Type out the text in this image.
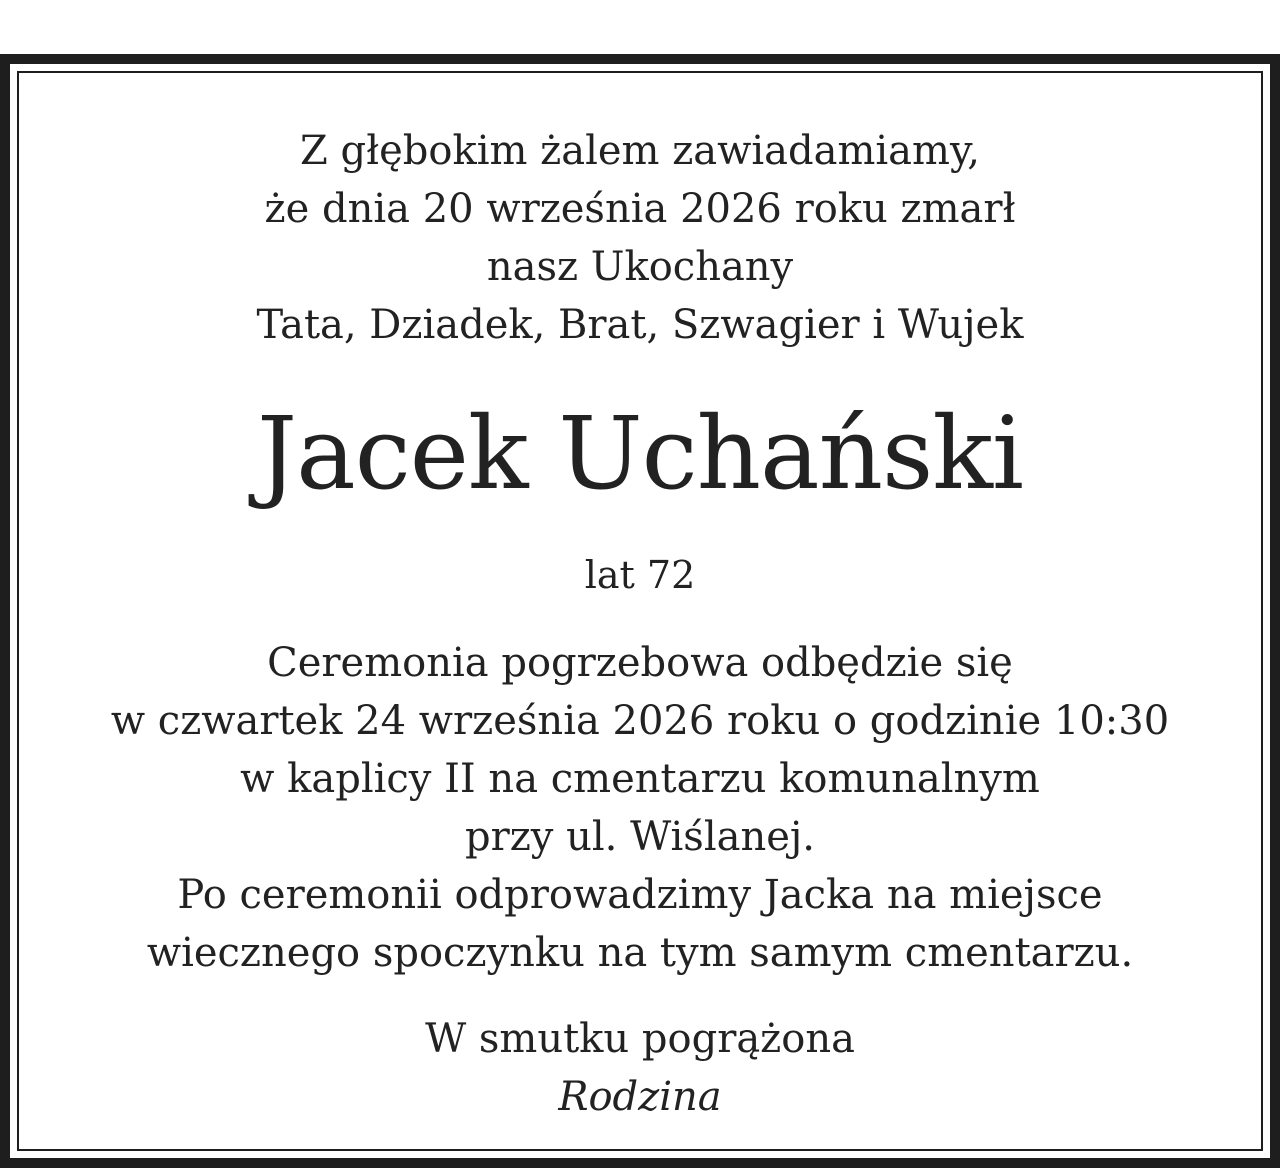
Z głębokim żalem zawiadamiamy,
że dnia 20 września 2026 roku zmarł
nasz Ukochany
Tata, Dziadek, Brat, Szwagier i Wujek
Jacek Uchański
lat 72
Ceremonia pogrzebowa odbędzie się
w czwartek 24 września 2026 roku o godzinie 10:30
w kaplicy II na cmentarzu komunalnym
przy ul. Wiślanej.
Po ceremonii odprowadzimy Jacka na miejsce
wiecznego spoczynku na tym samym cmentarzu.
W smutku pogrążona
Rodzina
